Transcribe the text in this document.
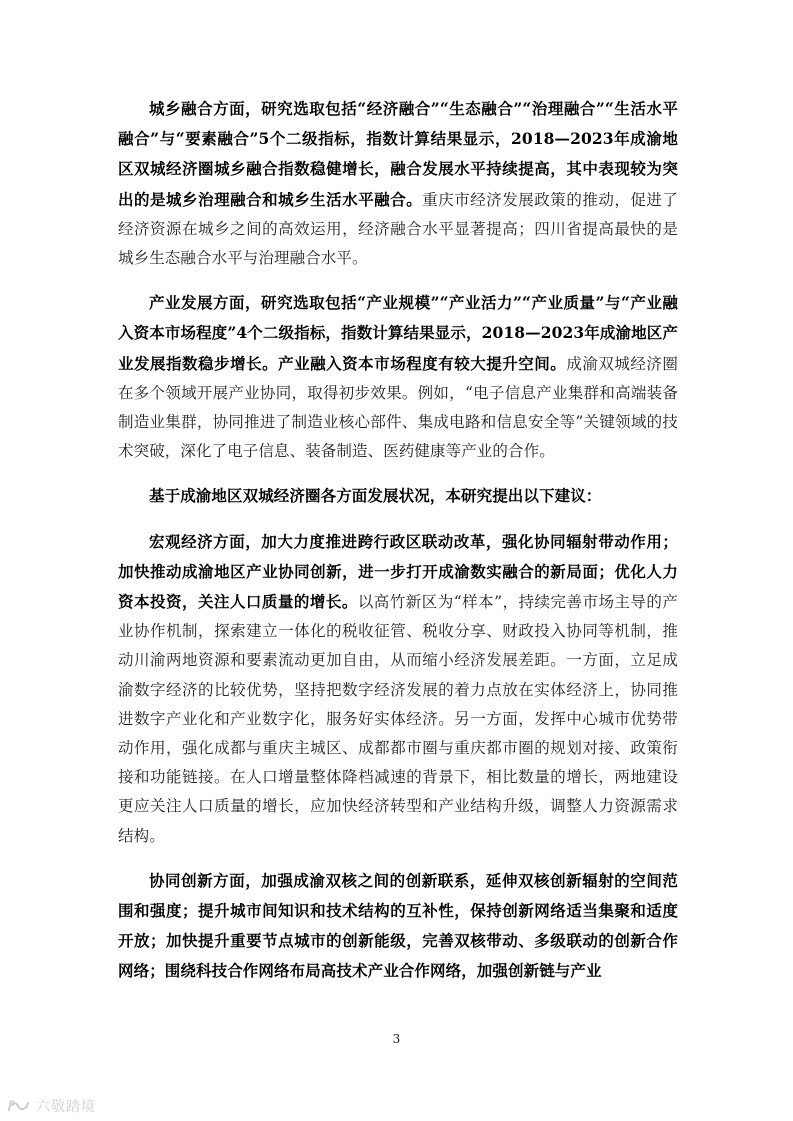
城乡融合方面，研究选取包括“经济融合”“生态融合”“治理融合”“生活水平融合”与“要素融合”5个二级指标，指数计算结果显示，2018—2023年成渝地区双城经济圈城乡融合指数稳健增长，融合发展水平持续提高，其中表现较为突出的是城乡治理融合和城乡生活水平融合。重庆市经济发展政策的推动，促进了经济资源在城乡之间的高效运用，经济融合水平显著提高；四川省提高最快的是城乡生态融合水平与治理融合水平。

产业发展方面，研究选取包括“产业规模”“产业活力”“产业质量”与“产业融入资本市场程度”4个二级指标，指数计算结果显示，2018—2023年成渝地区产业发展指数稳步增长。产业融入资本市场程度有较大提升空间。成渝双城经济圈在多个领域开展产业协同，取得初步效果。例如，“电子信息产业集群和高端装备制造业集群，协同推进了制造业核心部件、集成电路和信息安全等”关键领域的技术突破，深化了电子信息、装备制造、医药健康等产业的合作。

基于成渝地区双城经济圈各方面发展状况，本研究提出以下建议：

宏观经济方面，加大力度推进跨行政区联动改革，强化协同辐射带动作用；加快推动成渝地区产业协同创新，进一步打开成渝数实融合的新局面；优化人力资本投资，关注人口质量的增长。以高竹新区为“样本”，持续完善市场主导的产业协作机制，探索建立一体化的税收征管、税收分享、财政投入协同等机制，推动川渝两地资源和要素流动更加自由，从而缩小经济发展差距。一方面，立足成渝数字经济的比较优势，坚持把数字经济发展的着力点放在实体经济上，协同推进数字产业化和产业数字化，服务好实体经济。另一方面，发挥中心城市优势带动作用，强化成都与重庆主城区、成都都市圈与重庆都市圈的规划对接、政策衔接和功能链接。在人口增量整体降档减速的背景下，相比数量的增长，两地建设更应关注人口质量的增长，应加快经济转型和产业结构升级，调整人力资源需求结构。

协同创新方面，加强成渝双核之间的创新联系，延伸双核创新辐射的空间范围和强度；提升城市间知识和技术结构的互补性，保持创新网络适当集聚和适度开放；加快提升重要节点城市的创新能级，完善双核带动、多级联动的创新合作网络；围绕科技合作网络布局高技术产业合作网络，加强创新链与产业

3
六敬踏境
